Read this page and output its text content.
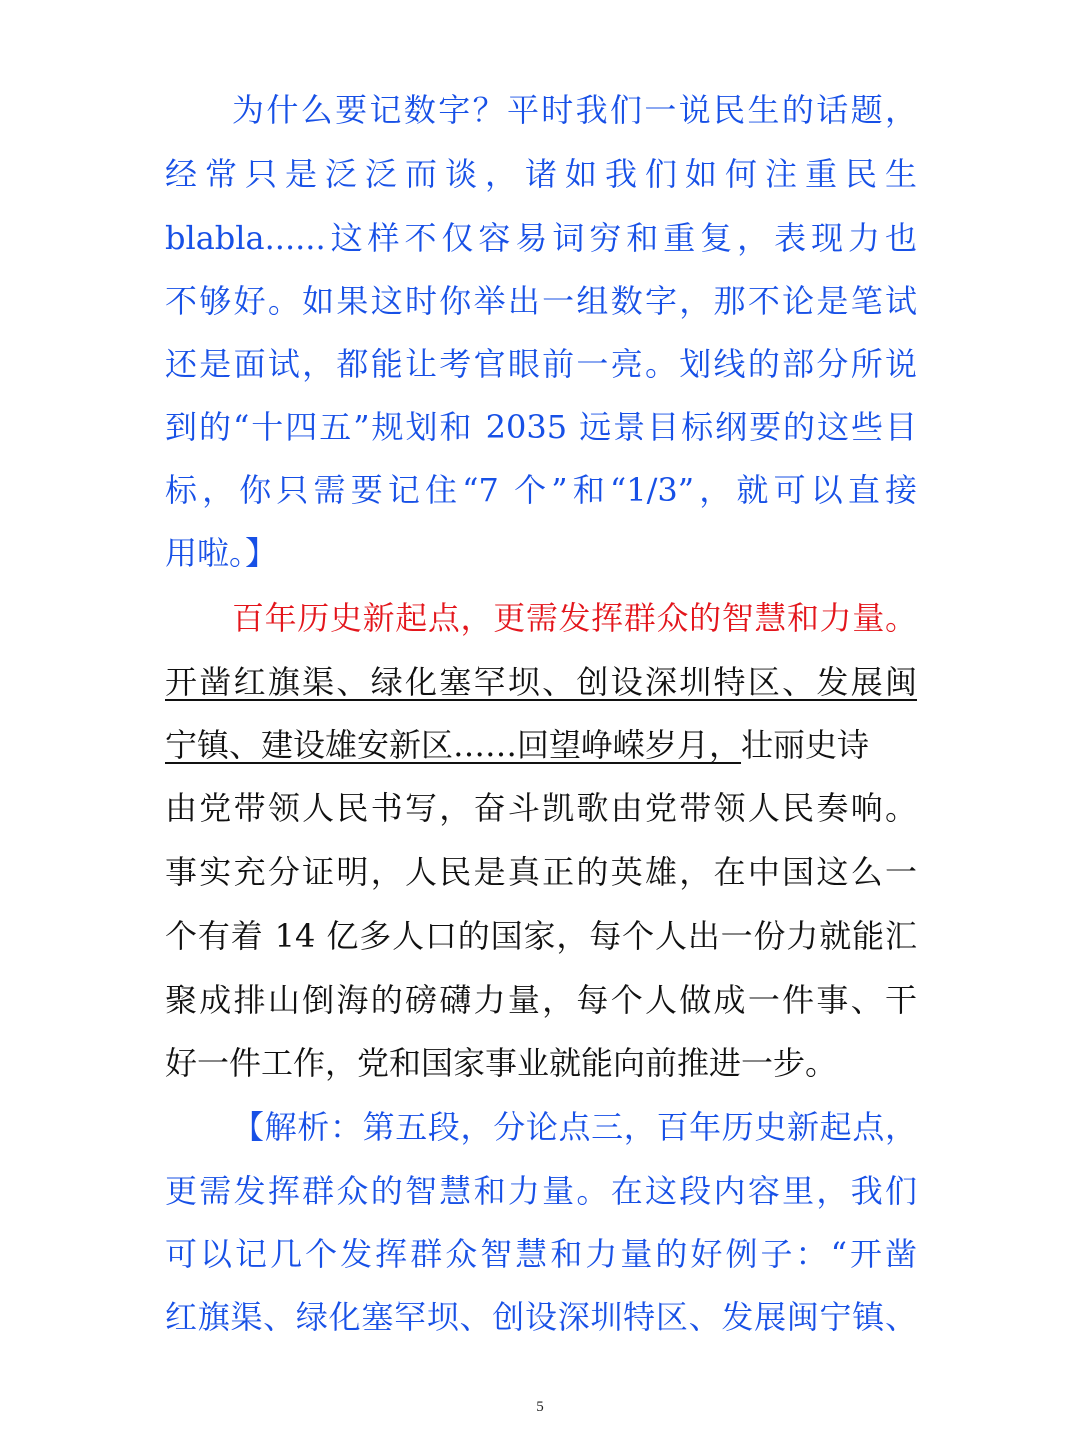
为什么要记数字？平时我们一说民生的话题，
经常只是泛泛而谈，诸如我们如何注重民生
blabla......这样不仅容易词穷和重复，表现力也
不够好。如果这时你举出一组数字，那不论是笔试
还是面试，都能让考官眼前一亮。划线的部分所说
到的“十四五”规划和 2035 远景目标纲要的这些目
标，你只需要记住“7 个”和“1/3”，就可以直接
用啦。】
百年历史新起点，更需发挥群众的智慧和力量。
开凿红旗渠、绿化塞罕坝、创设深圳特区、发展闽
宁镇、建设雄安新区……回望峥嵘岁月，壮丽史诗
由党带领人民书写，奋斗凯歌由党带领人民奏响。
事实充分证明，人民是真正的英雄，在中国这么一
个有着 14 亿多人口的国家，每个人出一份力就能汇
聚成排山倒海的磅礴力量，每个人做成一件事、干
好一件工作，党和国家事业就能向前推进一步。
【解析：第五段，分论点三，百年历史新起点，
更需发挥群众的智慧和力量。在这段内容里，我们
可以记几个发挥群众智慧和力量的好例子：“开凿
红旗渠、绿化塞罕坝、创设深圳特区、发展闽宁镇、
5
